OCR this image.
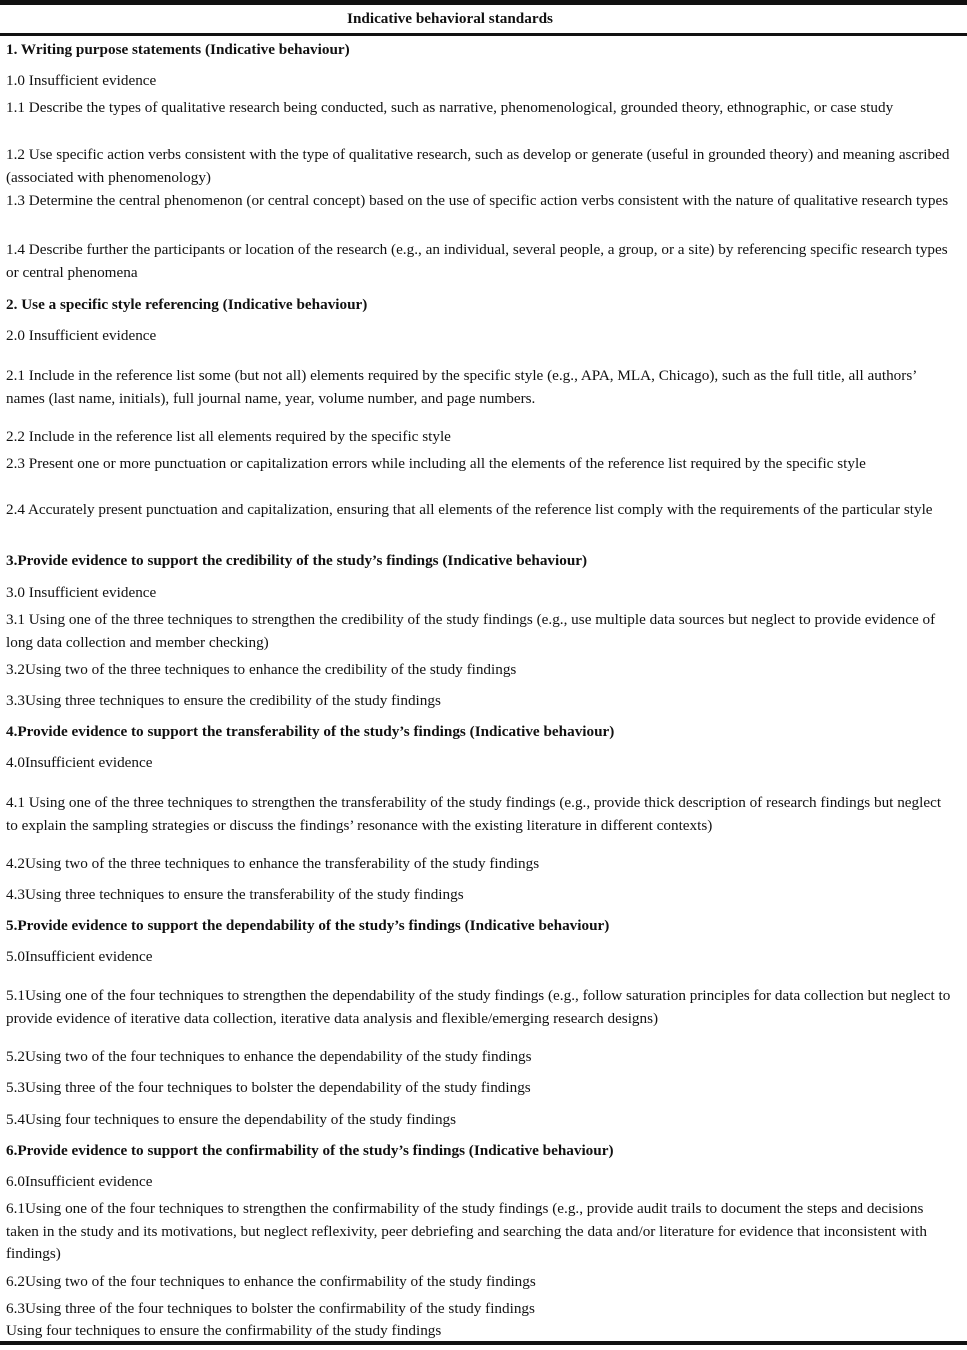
Indicative behavioral standards

1. Writing purpose statements (Indicative behaviour)

1.0 Insufficient evidence

1.1 Describe the types of qualitative research being conducted, such as narrative, phenomenological, grounded theory, ethnographic, or case study

1.2 Use specific action verbs consistent with the type of qualitative research, such as develop or generate (useful in grounded theory) and meaning ascribed (associated with phenomenology)

1.3 Determine the central phenomenon (or central concept) based on the use of specific action verbs consistent with the nature of qualitative research types

1.4 Describe further the participants or location of the research (e.g., an individual, several people, a group, or a site) by referencing specific research types or central phenomena

2. Use a specific style referencing (Indicative behaviour)

2.0 Insufficient evidence

2.1 Include in the reference list some (but not all) elements required by the specific style (e.g., APA, MLA, Chicago), such as the full title, all authors’ names (last name, initials), full journal name, year, volume number, and page numbers.

2.2 Include in the reference list all elements required by the specific style

2.3 Present one or more punctuation or capitalization errors while including all the elements of the reference list required by the specific style

2.4 Accurately present punctuation and capitalization, ensuring that all elements of the reference list comply with the requirements of the particular style

3.Provide evidence to support the credibility of the study’s findings (Indicative behaviour)

3.0 Insufficient evidence

3.1 Using one of the three techniques to strengthen the credibility of the study findings (e.g., use multiple data sources but neglect to provide evidence of long data collection and member checking)

3.2Using two of the three techniques to enhance the credibility of the study findings

3.3Using three techniques to ensure the credibility of the study findings

4.Provide evidence to support the transferability of the study’s findings (Indicative behaviour)

4.0Insufficient evidence

4.1 Using one of the three techniques to strengthen the transferability of the study findings (e.g., provide thick description of research findings but neglect to explain the sampling strategies or discuss the findings’ resonance with the existing literature in different contexts)

4.2Using two of the three techniques to enhance the transferability of the study findings

4.3Using three techniques to ensure the transferability of the study findings

5.Provide evidence to support the dependability of the study’s findings (Indicative behaviour)

5.0Insufficient evidence

5.1Using one of the four techniques to strengthen the dependability of the study findings (e.g., follow saturation principles for data collection but neglect to provide evidence of iterative data collection, iterative data analysis and flexible/emerging research designs)

5.2Using two of the four techniques to enhance the dependability of the study findings

5.3Using three of the four techniques to bolster the dependability of the study findings

5.4Using four techniques to ensure the dependability of the study findings

6.Provide evidence to support the confirmability of the study’s findings (Indicative behaviour)

6.0Insufficient evidence

6.1Using one of the four techniques to strengthen the confirmability of the study findings (e.g., provide audit trails to document the steps and decisions taken in the study and its motivations, but neglect reflexivity, peer debriefing and searching the data and/or literature for evidence that inconsistent with findings)

6.2Using two of the four techniques to enhance the confirmability of the study findings

6.3Using three of the four techniques to bolster the confirmability of the study findings

Using four techniques to ensure the confirmability of the study findings
